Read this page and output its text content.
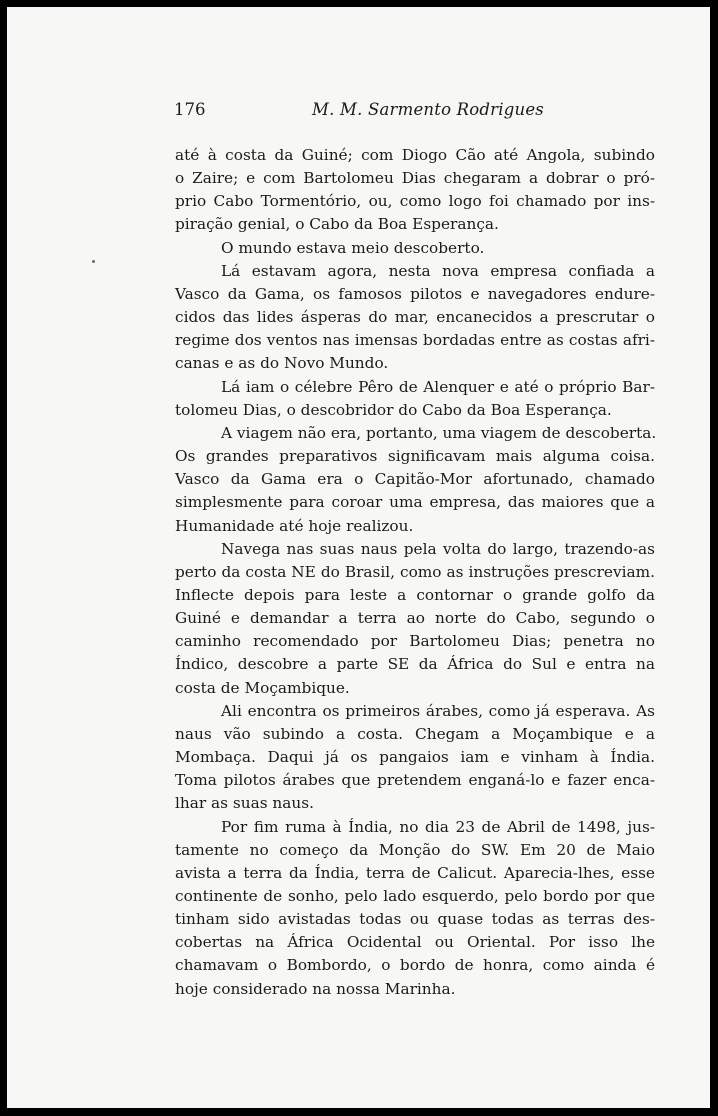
176	M. M. Sarmento Rodrigues

até à costa da Guiné; com Diogo Cão até Angola, subindo
o Zaire; e com Bartolomeu Dias chegaram a dobrar o pró-
prio Cabo Tormentório, ou, como logo foi chamado por ins-
piração genial, o Cabo da Boa Esperança.

O mundo estava meio descoberto.

Lá estavam agora, nesta nova empresa confiada a
Vasco da Gama, os famosos pilotos e navegadores endure-
cidos das lides ásperas do mar, encanecidos a prescrutar o
regime dos ventos nas imensas bordadas entre as costas afri-
canas e as do Novo Mundo.

Lá iam o célebre Pêro de Alenquer e até o próprio Bar-
tolomeu Dias, o descobridor do Cabo da Boa Esperança.

A viagem não era, portanto, uma viagem de descoberta.
Os grandes preparativos significavam mais alguma coisa.
Vasco da Gama era o Capitão-Mor afortunado, chamado
simplesmente para coroar uma empresa, das maiores que a
Humanidade até hoje realizou.

Navega nas suas naus pela volta do largo, trazendo-as
perto da costa NE do Brasil, como as instruções prescreviam.
Inflecte depois para leste a contornar o grande golfo da
Guiné e demandar a terra ao norte do Cabo, segundo o
caminho recomendado por Bartolomeu Dias; penetra no
Índico, descobre a parte SE da África do Sul e entra na
costa de Moçambique.

Ali encontra os primeiros árabes, como já esperava. As
naus vão subindo a costa. Chegam a Moçambique e a
Mombaça. Daqui já os pangaios iam e vinham à Índia.
Toma pilotos árabes que pretendem enganá-lo e fazer enca-
lhar as suas naus.

Por fim ruma à Índia, no dia 23 de Abril de 1498, jus-
tamente no começo da Monção do SW. Em 20 de Maio
avista a terra da Índia, terra de Calicut. Aparecia-lhes, esse
continente de sonho, pelo lado esquerdo, pelo bordo por que
tinham sido avistadas todas ou quase todas as terras des-
cobertas na África Ocidental ou Oriental. Por isso lhe
chamavam o Bombordo, o bordo de honra, como ainda é
hoje considerado na nossa Marinha.
